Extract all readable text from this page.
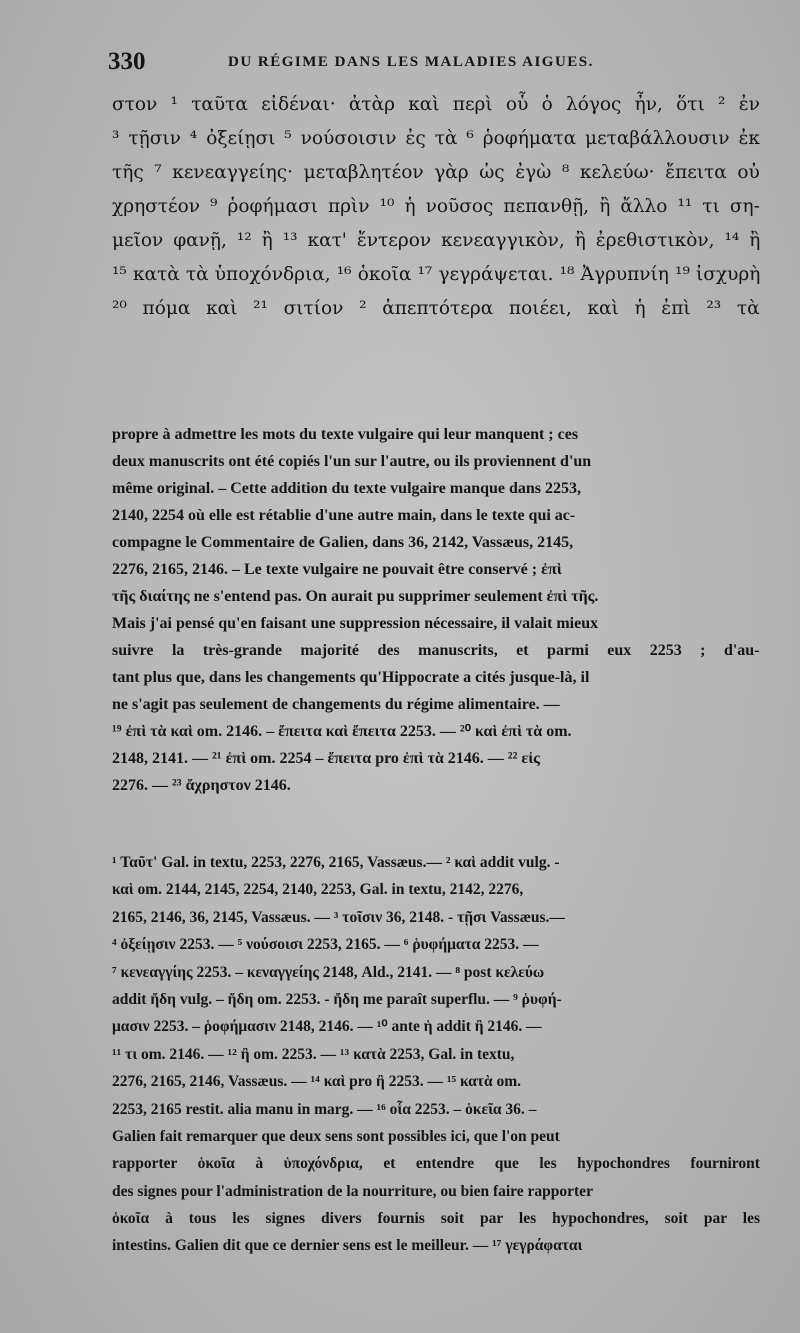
330	DU RÉGIME DANS LES MALADIES AIGUES.

στον ¹ ταῦτα εἰδέναι· ἀτὰρ καὶ περὶ οὗ ὁ λόγος ἦν, ὅτι ² ἐν

³ τῇσιν ⁴ ὀξείῃσι ⁵ νούσοισιν ἐς τὰ ⁶ ῥοφήματα μεταβάλλουσιν ἐκ

τῆς ⁷ κενεαγγείης· μεταβλητέον γὰρ ὡς ἐγὼ ⁸ κελεύω· ἔπειτα οὐ

χρηστέον ⁹ ῥοφήμασι πρὶν ¹⁰ ἡ νοῦσος πεπανθῇ, ἢ ἄλλο ¹¹ τι ση-

μεῖον φανῇ, ¹² ἢ ¹³ κατ' ἔντερον κενεαγγικὸν, ἢ ἐρεθιστικὸν, ¹⁴ ἢ

¹⁵ κατὰ τὰ ὑποχόνδρια, ¹⁶ ὁκοῖα ¹⁷ γεγράψεται. ¹⁸ Ἀγρυπνίη ¹⁹ ἰσχυρὴ

²⁰ πόμα καὶ ²¹ σιτίον ² ἀπεπτότερα ποιέει, καὶ ἡ ἐπὶ ²³ τὰ

propre à admettre les mots du texte vulgaire qui leur manquent ; ces

deux manuscrits ont été copiés l'un sur l'autre, ou ils proviennent d'un

même original. – Cette addition du texte vulgaire manque dans 2253,

2140, 2254 où elle est rétablie d'une autre main, dans le texte qui ac-

compagne le Commentaire de Galien, dans 36, 2142, Vassæus, 2145,

2276, 2165, 2146. – Le texte vulgaire ne pouvait être conservé ; ἐπὶ

τῆς διαίτης ne s'entend pas. On aurait pu supprimer seulement ἐπὶ τῆς.

Mais j'ai pensé qu'en faisant une suppression nécessaire, il valait mieux

suivre la très-grande majorité des manuscrits, et parmi eux 2253 ; d'au-

tant plus que, dans les changements qu'Hippocrate a cités jusque-là, il

ne s'agit pas seulement de changements du régime alimentaire. —

¹⁹ ἐπὶ τὰ καὶ om. 2146. – ἔπειτα καὶ ἔπειτα 2253. — ²⁰ καὶ ἐπὶ τὰ om.

2148, 2141. — ²¹ ἐπὶ om. 2254 – ἔπειτα pro ἐπὶ τὰ 2146. — ²² εἰς

2276. — ²³ ἄχρηστον 2146.

¹ Ταῦτ' Gal. in textu, 2253, 2276, 2165, Vassæus.— ² καὶ addit vulg. -

καὶ om. 2144, 2145, 2254, 2140, 2253, Gal. in textu, 2142, 2276,

2165, 2146, 36, 2145, Vassæus. — ³ τοῖσιν 36, 2148. - τῇσι Vassæus.—

⁴ ὀξείῃσιν 2253. — ⁵ νούσοισι 2253, 2165. — ⁶ ῥυφήματα 2253. —

⁷ κενεαγγίης 2253. – κεναγγείης 2148, Ald., 2141. — ⁸ post κελεύω

addit ἤδη vulg. – ἤδη om. 2253. - ἤδη me paraît superflu. — ⁹ ῥυφή-

μασιν 2253. – ῥοφήμασιν 2148, 2146. — ¹⁰ ante ἡ addit ἢ 2146. —

¹¹ τι om. 2146. — ¹² ἢ om. 2253. — ¹³ κατὰ 2253, Gal. in textu,

2276, 2165, 2146, Vassæus. — ¹⁴ καὶ pro ἢ 2253. — ¹⁵ κατὰ om.

2253, 2165 restit. alia manu in marg. — ¹⁶ οἷα 2253. – ὁκεῖα 36. –

Galien fait remarquer que deux sens sont possibles ici, que l'on peut

rapporter ὁκοῖα à ὑποχόνδρια, et entendre que les hypochondres fourniront

des signes pour l'administration de la nourriture, ou bien faire rapporter

ὁκοῖα à tous les signes divers fournis soit par les hypochondres, soit par les

intestins. Galien dit que ce dernier sens est le meilleur. — ¹⁷ γεγράφαται
